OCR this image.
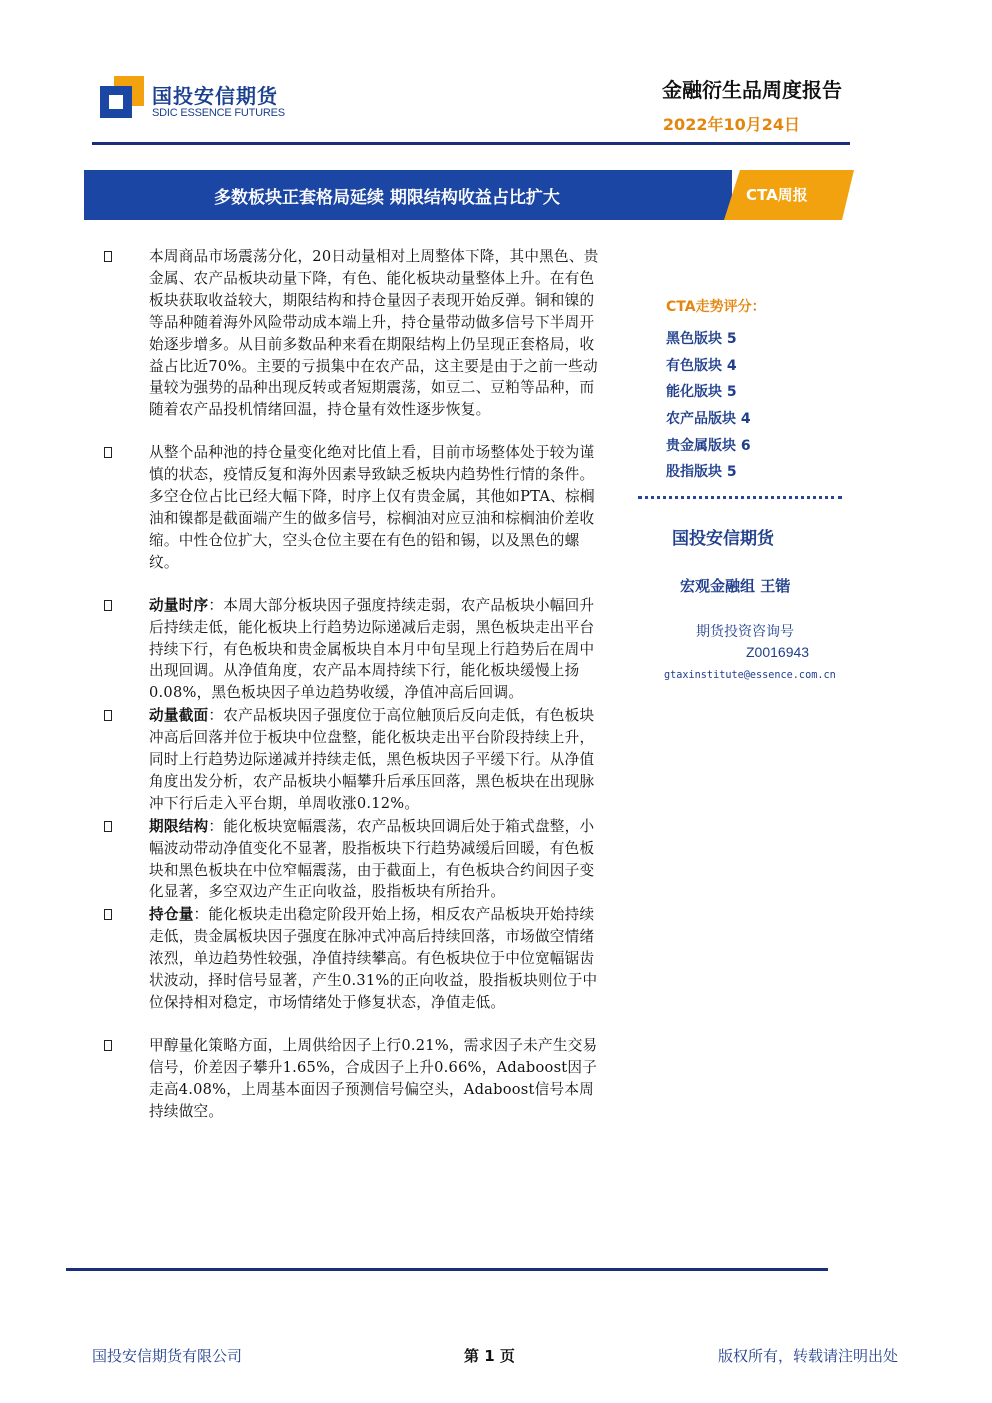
国投安信期货
SDIC ESSENCE FUTURES
金融衍生品周度报告
2022年10月24日
多数板块正套格局延续 期限结构收益占比扩大	CTA周报

本周商品市场震荡分化，20日动量相对上周整体下降，其中黑色、贵金属、农产品板块动量下降，有色、能化板块动量整体上升。在有色板块获取收益较大，期限结构和持仓量因子表现开始反弹。铜和镍的等品种随着海外风险带动成本端上升，持仓量带动做多信号下半周开始逐步增多。从目前多数品种来看在期限结构上仍呈现正套格局，收益占比近70%。主要的亏损集中在农产品，这主要是由于之前一些动量较为强势的品种出现反转或者短期震荡，如豆二、豆粕等品种，而随着农产品投机情绪回温，持仓量有效性逐步恢复。

从整个品种池的持仓量变化绝对比值上看，目前市场整体处于较为谨慎的状态，疫情反复和海外因素导致缺乏板块内趋势性行情的条件。多空仓位占比已经大幅下降，时序上仅有贵金属，其他如PTA、棕榈油和镍都是截面端产生的做多信号，棕榈油对应豆油和棕榈油价差收缩。中性仓位扩大，空头仓位主要在有色的铅和锡，以及黑色的螺纹。

动量时序：本周大部分板块因子强度持续走弱，农产品板块小幅回升后持续走低，能化板块上行趋势边际递减后走弱，黑色板块走出平台持续下行，有色板块和贵金属板块自本月中旬呈现上行趋势后在周中出现回调。从净值角度，农产品本周持续下行，能化板块缓慢上扬0.08%，黑色板块因子单边趋势收缓，净值冲高后回调。

动量截面：农产品板块因子强度位于高位触顶后反向走低，有色板块冲高后回落并位于板块中位盘整，能化板块走出平台阶段持续上升，同时上行趋势边际递减并持续走低，黑色板块因子平缓下行。从净值角度出发分析，农产品板块小幅攀升后承压回落，黑色板块在出现脉冲下行后走入平台期，单周收涨0.12%。

期限结构：能化板块宽幅震荡，农产品板块回调后处于箱式盘整，小幅波动带动净值变化不显著，股指板块下行趋势减缓后回暖，有色板块和黑色板块在中位窄幅震荡，由于截面上，有色板块合约间因子变化显著，多空双边产生正向收益，股指板块有所抬升。

持仓量：能化板块走出稳定阶段开始上扬，相反农产品板块开始持续走低，贵金属板块因子强度在脉冲式冲高后持续回落，市场做空情绪浓烈，单边趋势性较强，净值持续攀高。有色板块位于中位宽幅锯齿状波动，择时信号显著，产生0.31%的正向收益，股指板块则位于中位保持相对稳定，市场情绪处于修复状态，净值走低。

甲醇量化策略方面，上周供给因子上行0.21%，需求因子未产生交易信号，价差因子攀升1.65%，合成因子上升0.66%，Adaboost因子走高4.08%，上周基本面因子预测信号偏空头，Adaboost信号本周持续做空。

CTA走势评分：
黑色版块 5
有色版块 4
能化版块 5
农产品版块 4
贵金属版块 6
股指版块 5
国投安信期货
宏观金融组 王锴
期货投资咨询号
Z0016943
gtaxinstitute@essence.com.cn
国投安信期货有限公司	第 1 页	版权所有，转载请注明出处
